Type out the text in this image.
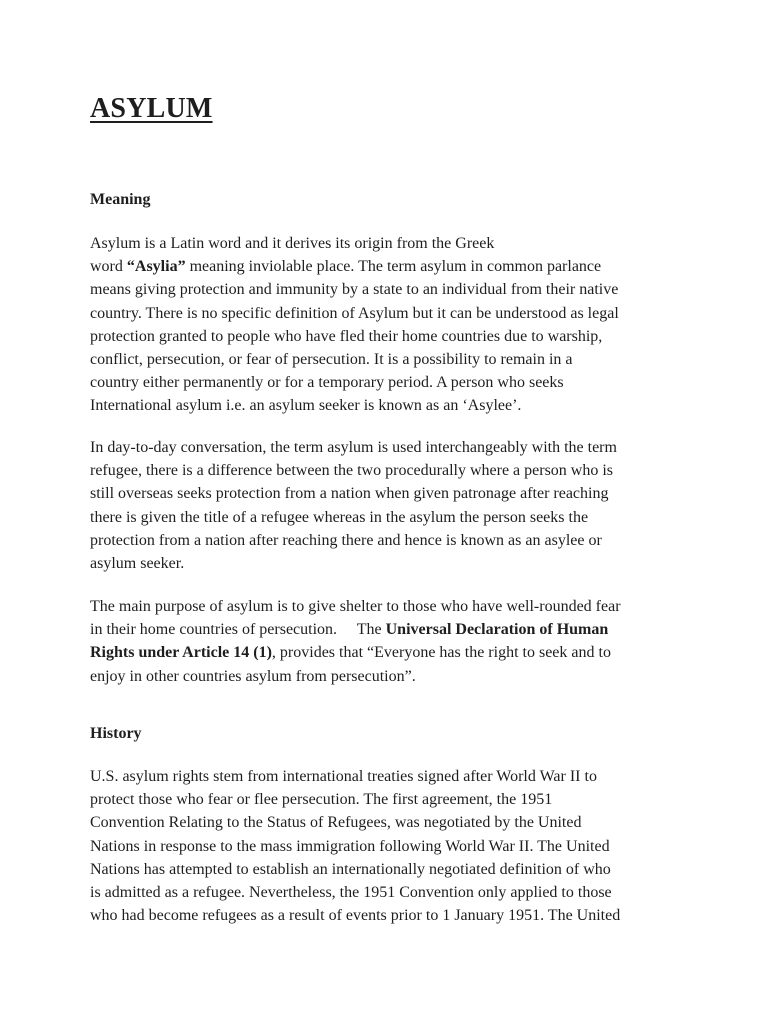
ASYLUM
Meaning

Asylum is a Latin word and it derives its origin from the Greek
word “Asylia” meaning inviolable place. The term asylum in common parlance
means giving protection and immunity by a state to an individual from their native
country. There is no specific definition of Asylum but it can be understood as legal
protection granted to people who have fled their home countries due to warship,
conflict, persecution, or fear of persecution. It is a possibility to remain in a
country either permanently or for a temporary period. A person who seeks
International asylum i.e. an asylum seeker is known as an ‘Asylee’.

In day-to-day conversation, the term asylum is used interchangeably with the term
refugee, there is a difference between the two procedurally where a person who is
still overseas seeks protection from a nation when given patronage after reaching
there is given the title of a refugee whereas in the asylum the person seeks the
protection from a nation after reaching there and hence is known as an asylee or
asylum seeker.

The main purpose of asylum is to give shelter to those who have well-rounded fear
in their home countries of persecution.     The Universal Declaration of Human
Rights under Article 14 (1), provides that “Everyone has the right to seek and to
enjoy in other countries asylum from persecution”.

History

U.S. asylum rights stem from international treaties signed after World War II to
protect those who fear or flee persecution. The first agreement, the 1951
Convention Relating to the Status of Refugees, was negotiated by the United
Nations in response to the mass immigration following World War II. The United
Nations has attempted to establish an internationally negotiated definition of who
is admitted as a refugee. Nevertheless, the 1951 Convention only applied to those
who had become refugees as a result of events prior to 1 January 1951. The United
